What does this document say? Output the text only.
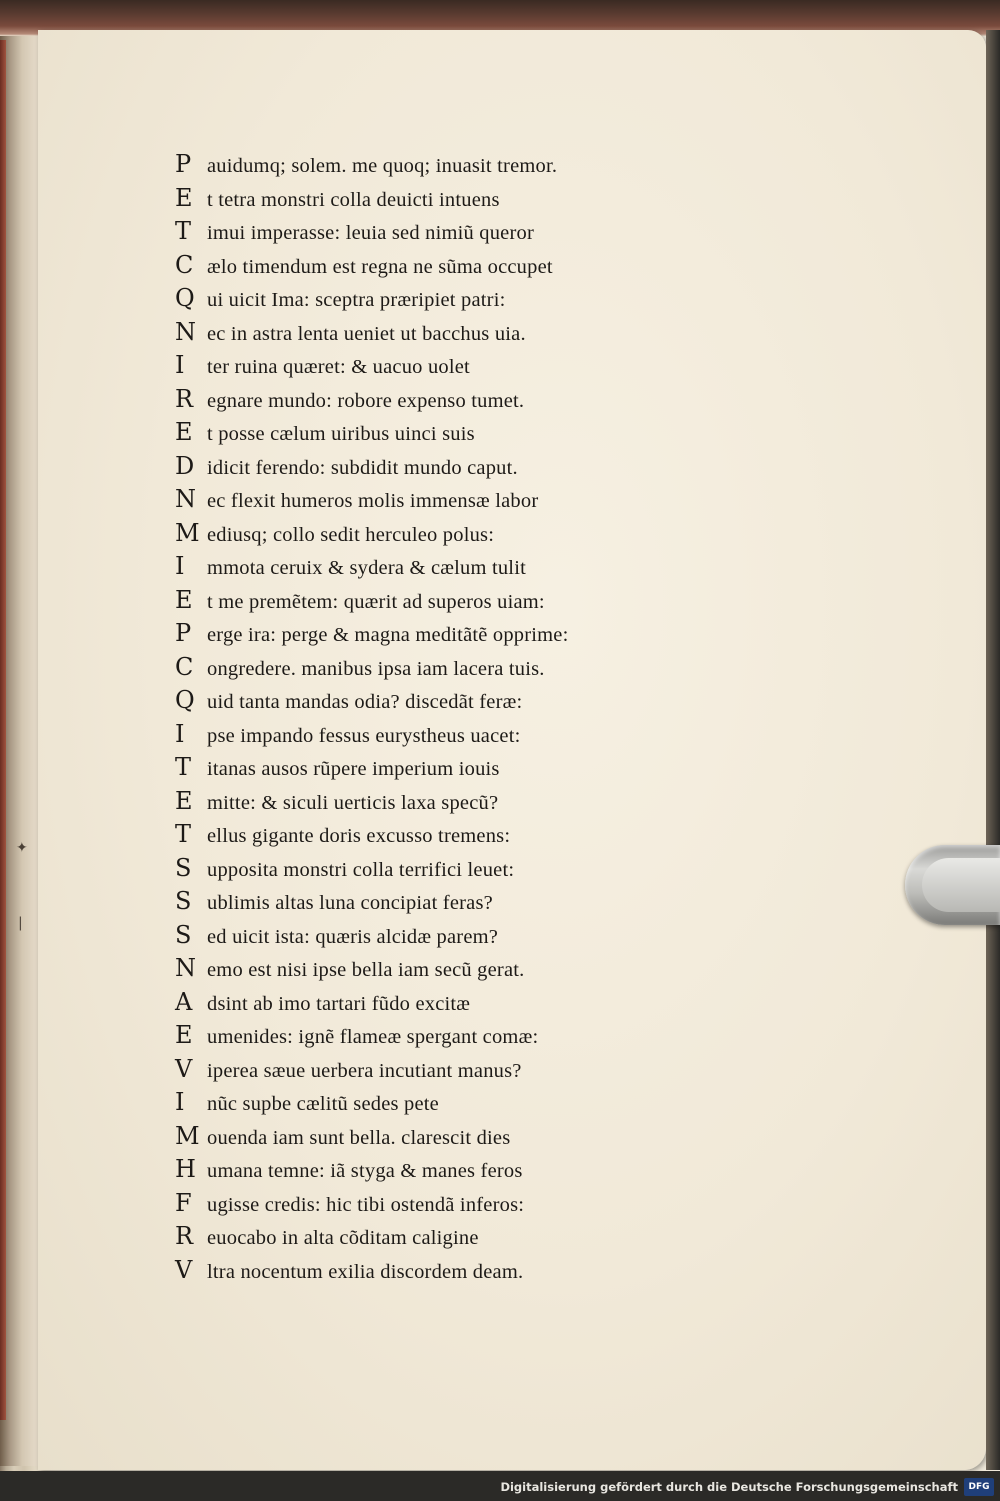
✦
|
P auidumq; solem. me quoq; inuasit tremor.
E t tetra monstri colla deuicti intuens
T imui imperasse: leuia sed nimiũ queror
C ælo timendum est regna ne sũma occupet
Q ui uicit Ima: sceptra præripiet patri:
N ec in astra lenta ueniet ut bacchus uia.
I	ter ruina quæret: & uacuo uolet
R egnare mundo: robore expenso tumet.
E t posse cælum uiribus uinci suis
D idicit ferendo: subdidit mundo caput.
N ec flexit humeros molis immensæ labor
M ediusq; collo sedit herculeo polus:
I	mmota ceruix & sydera & cælum tulit
E t me premẽtem: quærit ad superos uiam:
P erge ira: perge & magna meditãtẽ opprime:
C ongredere. manibus ipsa iam lacera tuis.
Q uid tanta mandas odia? discedãt feræ:
I	pse impando fessus eurystheus uacet:
T itanas ausos rũpere imperium iouis
E mitte: & siculi uerticis laxa specũ?
T ellus gigante doris excusso tremens:
S upposita monstri colla terrifici leuet:
S ublimis altas luna concipiat feras?
S ed uicit ista: quæris alcidæ parem?
N emo est nisi ipse bella iam secũ gerat.
A dsint ab imo tartari fũdo excitæ
E umenides: ignẽ flameæ spergant comæ:
V iperea sæue uerbera incutiant manus?
I	nũc supbe cælitũ sedes pete
M ouenda iam sunt bella. clarescit dies
H umana temne: iã styga & manes feros
F ugisse credis: hic tibi ostendã inferos:
R euocabo in alta cõditam caligine
V ltra nocentum exilia discordem deam.
Digitalisierung gefördert durch die Deutsche Forschungsgemeinschaft	DFG
